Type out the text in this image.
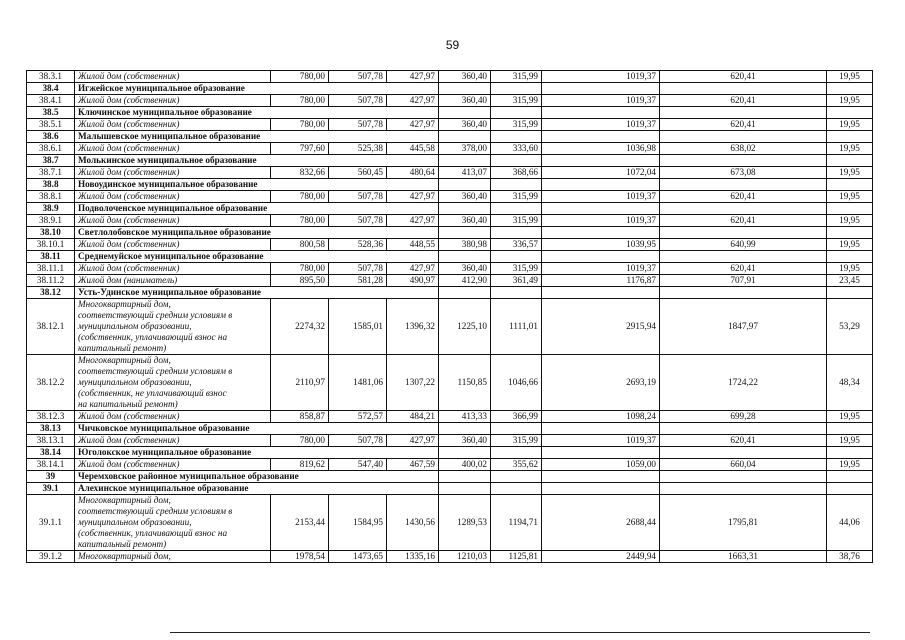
59
38.3.1	Жилой дом (собственник)	780,00	507,78	427,97	360,40	315,99	1019,37	620,41	19,95
38.4	Игжейское муниципальное образование								
38.4.1	Жилой дом (собственник)	780,00	507,78	427,97	360,40	315,99	1019,37	620,41	19,95
38.5	Ключинское муниципальное образование								
38.5.1	Жилой дом (собственник)	780,00	507,78	427,97	360,40	315,99	1019,37	620,41	19,95
38.6	Малышевское муниципальное образование								
38.6.1	Жилой дом (собственник)	797,60	525,38	445,58	378,00	333,60	1036,98	638,02	19,95
38.7	Молькинское муниципальное образование								
38.7.1	Жилой дом (собственник)	832,66	560,45	480,64	413,07	368,66	1072,04	673,08	19,95
38.8	Новоудинское муниципальное образование								
38.8.1	Жилой дом (собственник)	780,00	507,78	427,97	360,40	315,99	1019,37	620,41	19,95
38.9	Подволоченское муниципальное образование								
38.9.1	Жилой дом (собственник)	780,00	507,78	427,97	360,40	315,99	1019,37	620,41	19,95
38.10	Светлолобовское муниципальное образование								
38.10.1	Жилой дом (собственник)	800,58	528,36	448,55	380,98	336,57	1039,95	640,99	19,95
38.11	Среднемуйское муниципальное образование								
38.11.1	Жилой дом (собственник)	780,00	507,78	427,97	360,40	315,99	1019,37	620,41	19,95
38.11.2	Жилой дом (наниматель)	895,50	581,28	490,97	412,90	361,49	1176,87	707,91	23,45
38.12	Усть-Удинское муниципальное образование								
38.12.1	Многоквартирный дом,
соответствующий средним условиям в
муниципальном образовании,
(собственник, уплачивающий взнос на
капитальный ремонт)	2274,32	1585,01	1396,32	1225,10	1111,01	2915,94	1847,97	53,29
38.12.2	Многоквартирный дом,
соответствующий средним условиям в
муниципальном образовании,
(собственник, не уплачивающий взнос
на капитальный ремонт)	2110,97	1481,06	1307,22	1150,85	1046,66	2693,19	1724,22	48,34
38.12.3	Жилой дом (собственник)	858,87	572,57	484,21	413,33	366,99	1098,24	699,28	19,95
38.13	Чичковское муниципальное образование								
38.13.1	Жилой дом (собственник)	780,00	507,78	427,97	360,40	315,99	1019,37	620,41	19,95
38.14	Юголокское муниципальное образование								
38.14.1	Жилой дом (собственник)	819,62	547,40	467,59	400,02	355,62	1059,00	660,04	19,95
39	Черемховское районное муниципальное образование								
39.1	Алехинское муниципальное образование								
39.1.1	Многоквартирный дом,
соответствующий средним условиям в
муниципальном образовании,
(собственник, уплачивающий взнос на
капитальный ремонт)	2153,44	1584,95	1430,56	1289,53	1194,71	2688,44	1795,81	44,06
39.1.2	Многоквартирный дом,	1978,54	1473,65	1335,16	1210,03	1125,81	2449,94	1663,31	38,76
